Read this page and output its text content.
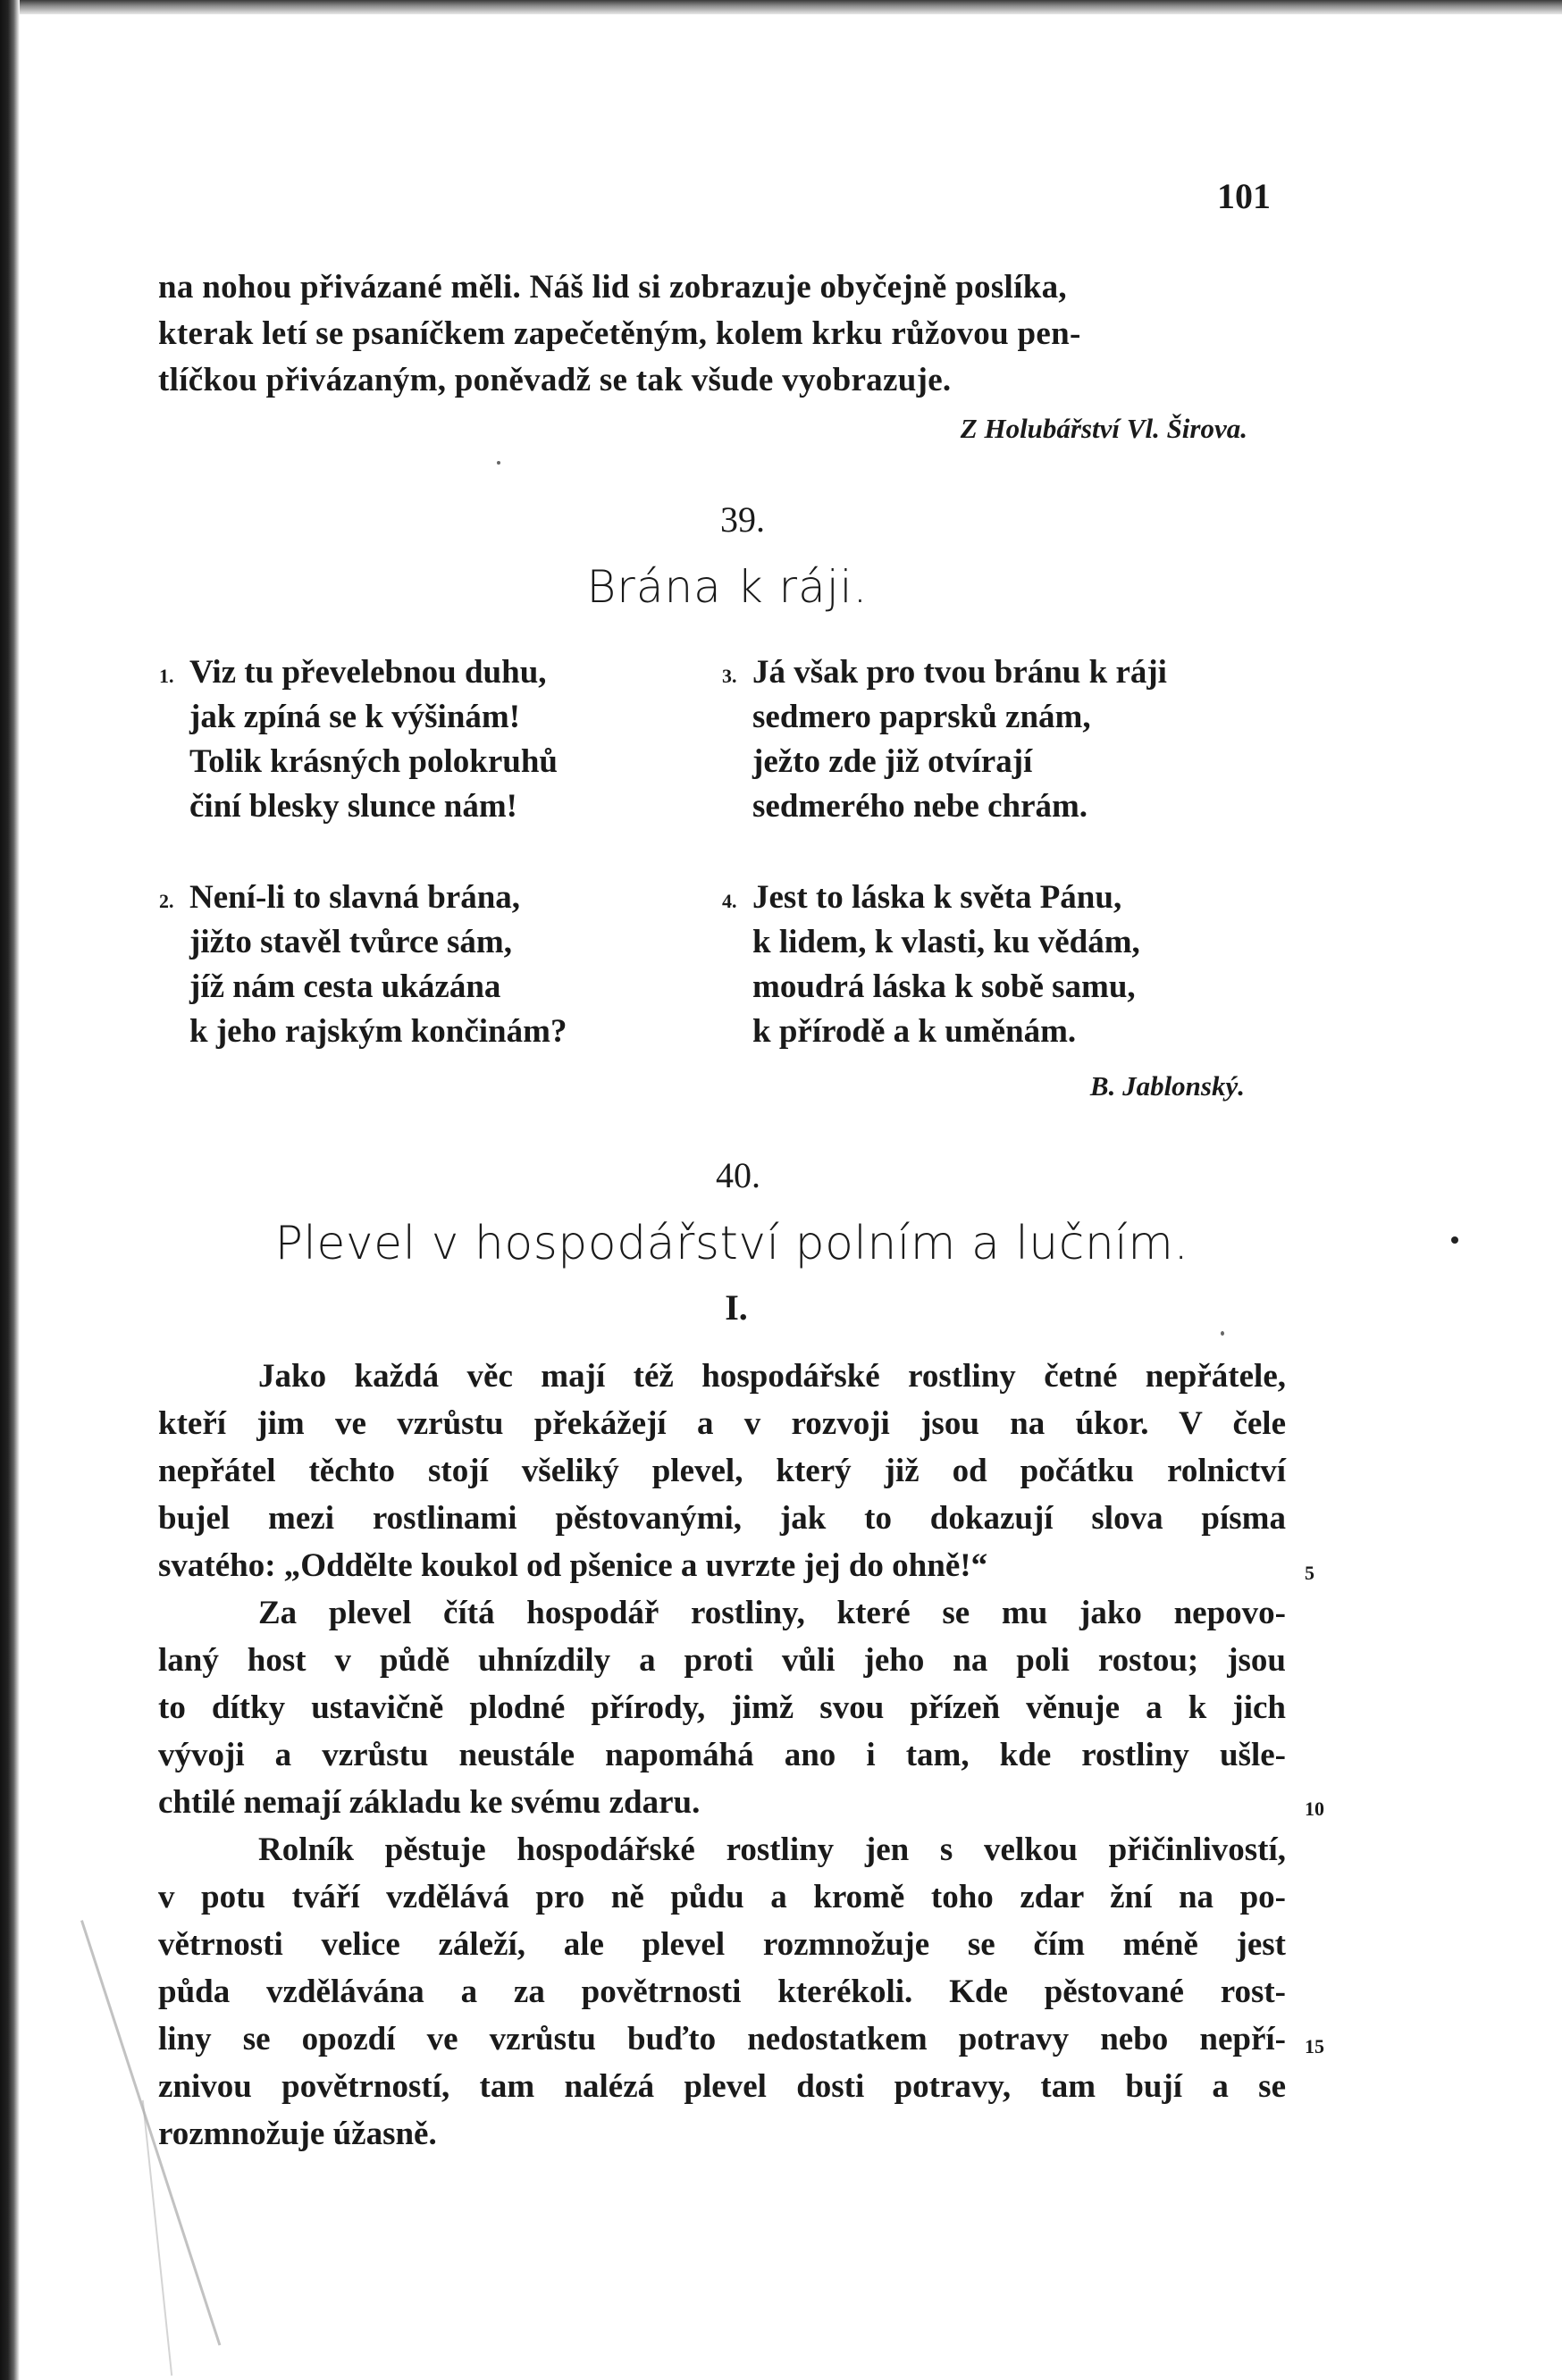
101
na nohou přivázané měli. Náš lid si zobrazuje obyčejně poslíka,
kterak letí se psaníčkem zapečetěným, kolem krku růžovou pen-
tlíčkou přivázaným, poněvadž se tak všude vyobrazuje.
Z Holubářství Vl. Širova.
39.
Brána k ráji.
1. Viz tu převelebnou duhu,
jak zpíná se k výšinám!
Tolik krásných polokruhů
činí blesky slunce nám!
2. Není-li to slavná brána,
jižto stavěl tvůrce sám,
jíž nám cesta ukázána
k jeho rajským končinám?
3. Já však pro tvou bránu k ráji
sedmero paprsků znám,
ježto zde již otvírají
sedmerého nebe chrám.
4. Jest to láska k světa Pánu,
k lidem, k vlasti, ku vědám,
moudrá láska k sobě samu,
k přírodě a k uměnám.
B. Jablonský.
40.
Plevel v hospodářství polním a lučním.
I.
Jako každá věc mají též hospodářské rostliny četné nepřátele,
kteří jim ve vzrůstu překážejí a v rozvoji jsou na úkor. V čele
nepřátel těchto stojí všeliký plevel, který již od počátku rolnictví
bujel mezi rostlinami pěstovanými, jak to dokazují slova písma
svatého: „Oddělte koukol od pšenice a uvrzte jej do ohně!“
Za plevel čítá hospodář rostliny, které se mu jako nepovo-
laný host v půdě uhnízdily a proti vůli jeho na poli rostou; jsou
to dítky ustavičně plodné přírody, jimž svou přízeň věnuje a k jich
vývoji a vzrůstu neustále napomáhá ano i tam, kde rostliny ušle-
chtilé nemají základu ke svému zdaru.
Rolník pěstuje hospodářské rostliny jen s velkou přičinlivostí,
v potu tváří vzdělává pro ně půdu a kromě toho zdar žní na po-
větrnosti velice záleží, ale plevel rozmnožuje se čím méně jest
půda vzdělávána a za povětrnosti kterékoli. Kde pěstované rost-
liny se opozdí ve vzrůstu buďto nedostatkem potravy nebo nepří-
znivou povětrností, tam nalézá plevel dosti potravy, tam bují a se
rozmnožuje úžasně.
5
10
15
